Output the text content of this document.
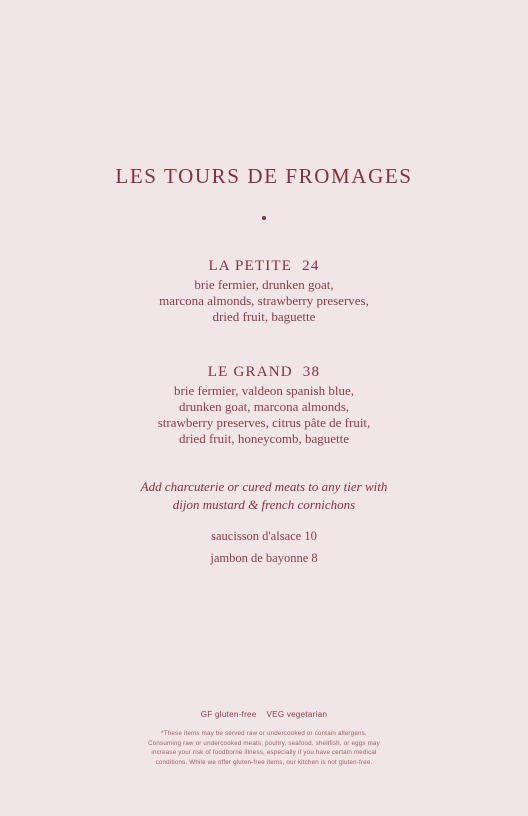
LES TOURS DE FROMAGES
LA PETITE 24
brie fermier, drunken goat,
marcona almonds, strawberry preserves,
dried fruit, baguette
LE GRAND 38
brie fermier, valdeon spanish blue,
drunken goat, marcona almonds,
strawberry preserves, citrus pâte de fruit,
dried fruit, honeycomb, baguette
Add charcuterie or cured meats to any tier with
dijon mustard & french cornichons
saucisson d'alsace 10
jambon de bayonne 8
GF gluten-free VEG vegetarian
*These items may be served raw or undercooked or contain allergens.
Consuming raw or undercooked meats, poultry, seafood, shellfish, or eggs may
increase your risk of foodborne illness, especially if you have certain medical
conditions. While we offer gluten-free items, our kitchen is not gluten-free.
